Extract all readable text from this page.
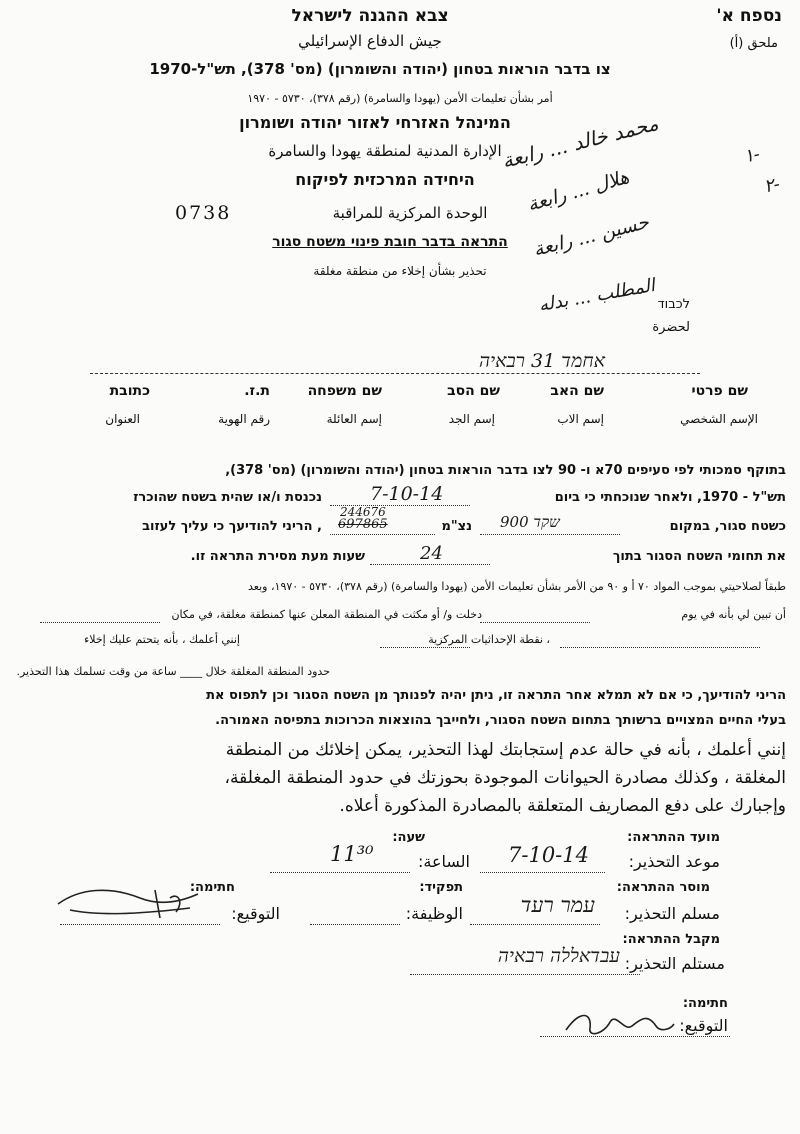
צבא ההגנה לישראל	נספח א'
جيش الدفاع الإسرائيلي	ملحق (أ)
צו בדבר הוראות בטחון (יהודה והשומרון) (מס' 378), תש"ל-1970
أمر بشأن تعليمات الأمن (يهودا والسامرة) (رقم ٣٧٨)، ٥٧٣٠ - ١٩٧٠
המינהל האזרחי לאזור יהודה ושומרון
الإدارة المدنية لمنطقة يهودا والسامرة
היחידה המרכזית לפיקוח
0738	الوحدة المركزية للمراقبة
התראה בדבר חובת פינוי משטח סגור
تحذير بشأن إخلاء من منطقة مغلقة
לכבוד
لحضرة
محمد خالد ... رابعة
هلال ... رابعة
حسين ... رابعة
المطلب ... بدله
-١
-٢
אחמד 31 רבאיה
שם פרטי
שם האב
שם הסב
שם משפחה
ת.ז.
כתובת
الإسم الشخصي
إسم الاب
إسم الجد
إسم العائلة
رقم الهوية
العنوان
בתוקף סמכותי לפי סעיפים 70א ו- 90 לצו בדבר הוראות בטחון (יהודה והשומרון) (מס' 378),
תש"ל - 1970, ולאחר שנוכחתי כי ביום
7-10-14
נכנסת ו/או שהית בשטח שהוכרז
244676
כשטח סגור, במקום
900 שקד
נצ"מ
697865
, הריני להודיעך כי עליך לעזוב
את תחומי השטח הסגור בתוך
24
שעות מעת מסירת התראה זו.
طبقاً لصلاحيتي بموجب المواد ٧٠ أ و ٩٠ من الأمر بشأن تعليمات الأمن (يهودا والسامرة) (رقم ٣٧٨)، ٥٧٣٠ - ١٩٧٠، وبعد
أن تبين لي بأنه في يوم
دخلت و/ أو مكثت في المنطقة المعلن عنها كمنطقة مغلقة، في مكان
، نقطة الإحداثيات المركزية
إنني أعلمك ، بأنه يتحتم عليك إخلاء
حدود المنطقة المغلقة خلال ____ ساعة من وقت تسلمك هذا التحذير.
הריני להודיעך, כי אם לא תמלא אחר התראה זו, ניתן יהיה לפנותך מן השטח הסגור וכן לתפוס את
בעלי החיים המצויים ברשותך בתחום השטח הסגור, ולחייבך בהוצאות הכרוכות בתפיסה האמורה.
إنني أعلمك ، بأنه في حالة عدم إستجابتك لهذا التحذير، يمكن إخلائك من المنطقة
المغلقة ، وكذلك مصادرة الحيوانات الموجودة بحوزتك في حدود المنطقة المغلقة،
وإجبارك على دفع المصاريف المتعلقة بالمصادرة المذكورة أعلاه.
מועד ההתראה:
موعد التحذير:
7-10-14
שעה:
الساعة:
11³⁰
מוסר ההתראה:
مسلم التحذير:
עמר רעד
תפקיד:
الوظيفة:
חתימה:
التوقيع:
מקבל ההתראה:
مستلم التحذير:
עבדאללה רבאיה
חתימה:
التوقيع:
